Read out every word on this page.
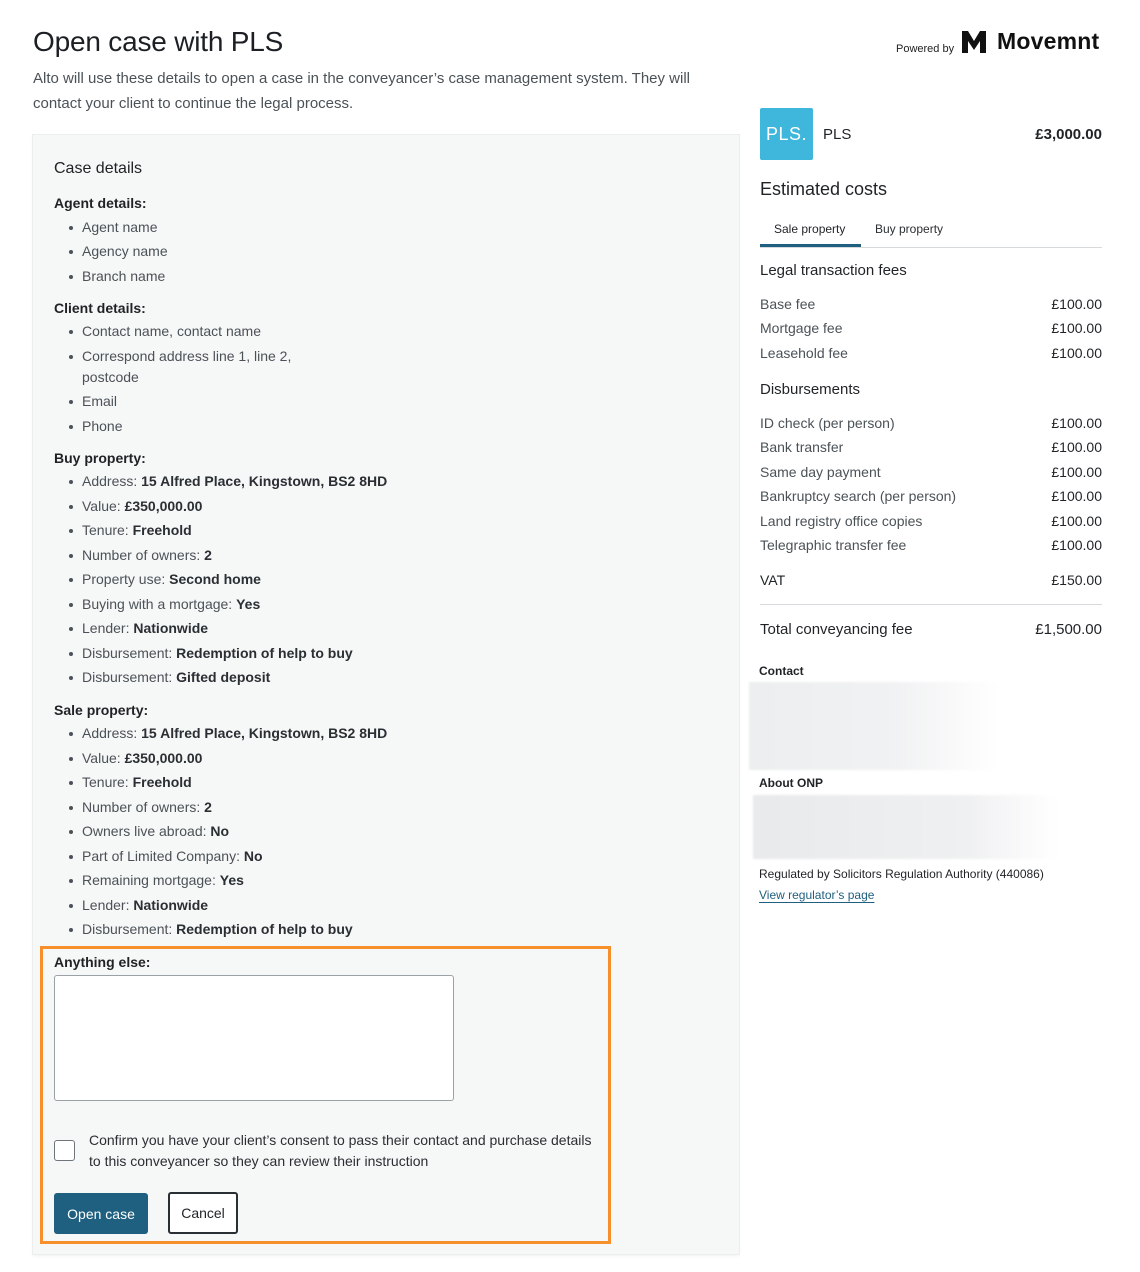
Open case with PLS
Alto will use these details to open a case in the conveyancer’s case management system. They will contact your client to continue the legal process.
Powered by Movemnt
Case details
Agent details:
Agent name
Agency name
Branch name
Client details:
Contact name, contact name
Correspond address line 1, line 2, postcode
Email
Phone
Buy property:
Address: 15 Alfred Place, Kingstown, BS2 8HD
Value: £350,000.00
Tenure: Freehold
Number of owners: 2
Property use: Second home
Buying with a mortgage: Yes
Lender: Nationwide
Disbursement: Redemption of help to buy
Disbursement: Gifted deposit
Sale property:
Address: 15 Alfred Place, Kingstown, BS2 8HD
Value: £350,000.00
Tenure: Freehold
Number of owners: 2
Owners live abroad: No
Part of Limited Company: No
Remaining mortgage: Yes
Lender: Nationwide
Disbursement: Redemption of help to buy
Anything else:
Confirm you have your client’s consent to pass their contact and purchase details to this conveyancer so they can review their instruction
Open case	Cancel
PLS.	PLS	£3,000.00
Estimated costs
Sale property Buy property
Legal transaction fees
Base fee	£100.00
Mortgage fee	£100.00
Leasehold fee	£100.00
Disbursements
ID check (per person)	£100.00
Bank transfer	£100.00
Same day payment	£100.00
Bankruptcy search (per person)	£100.00
Land registry office copies	£100.00
Telegraphic transfer fee	£100.00
VAT	£150.00
Total conveyancing fee	£1,500.00
Contact
About ONP
Regulated by Solicitors Regulation Authority (440086)
View regulator’s page
